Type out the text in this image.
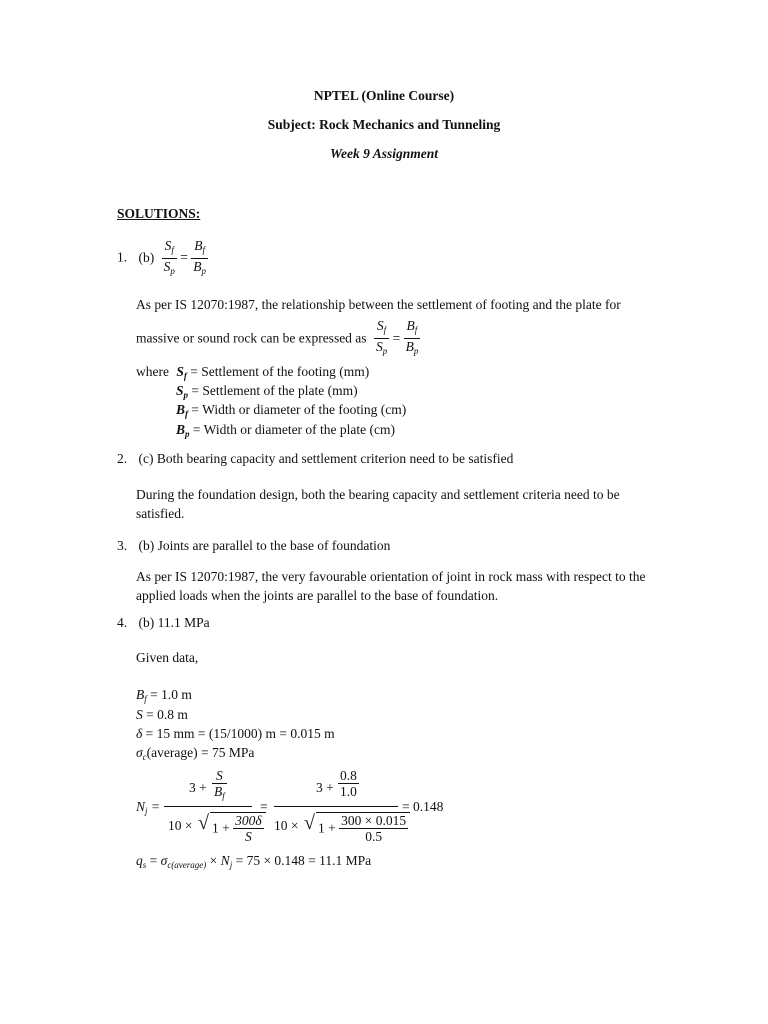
NPTEL (Online Course)
Subject: Rock Mechanics and Tunneling
Week 9 Assignment
SOLUTIONS:
1. $(b) \frac{S_f}{S_p} = \frac{B_f}{B_p}$
As per IS 12070:1987, the relationship between the settlement of footing and the plate for
massive or sound rock can be expressed as $\frac{S_f}{S_p} = \frac{B_f}{B_p}$
where $S_f$ = Settlement of the footing (mm)
$S_p$ = Settlement of the plate (mm)
$B_f$ = Width or diameter of the footing (cm)
$B_p$ = Width or diameter of the plate (cm)
2. (c) Both bearing capacity and settlement criterion need to be satisfied
During the foundation design, both the bearing capacity and settlement criteria need to be satisfied.
3. (b) Joints are parallel to the base of foundation
As per IS 12070:1987, the very favourable orientation of joint in rock mass with respect to the applied loads when the joints are parallel to the base of foundation.
4. (b) 11.1 MPa
Given data,
$B_f = 1.0$ m
S = 0.8 m
δ = 15 mm = (15/1000) m = 0.015 m
$\sigma_c(average) = 75$ MPa
$N_j$ =
$3 + \frac{S}{B_f}$
10 × √ $1 + \frac{300\delta}{S}$
=
$3 + \frac{0.8}{1.0}$
10 × √ $1 + \frac{300 \times 0.015}{0.5}$
= 0.148
$q_s = \sigma_{c(average)} \times N_j = 75 \times 0.148 = 11.1$ MPa
